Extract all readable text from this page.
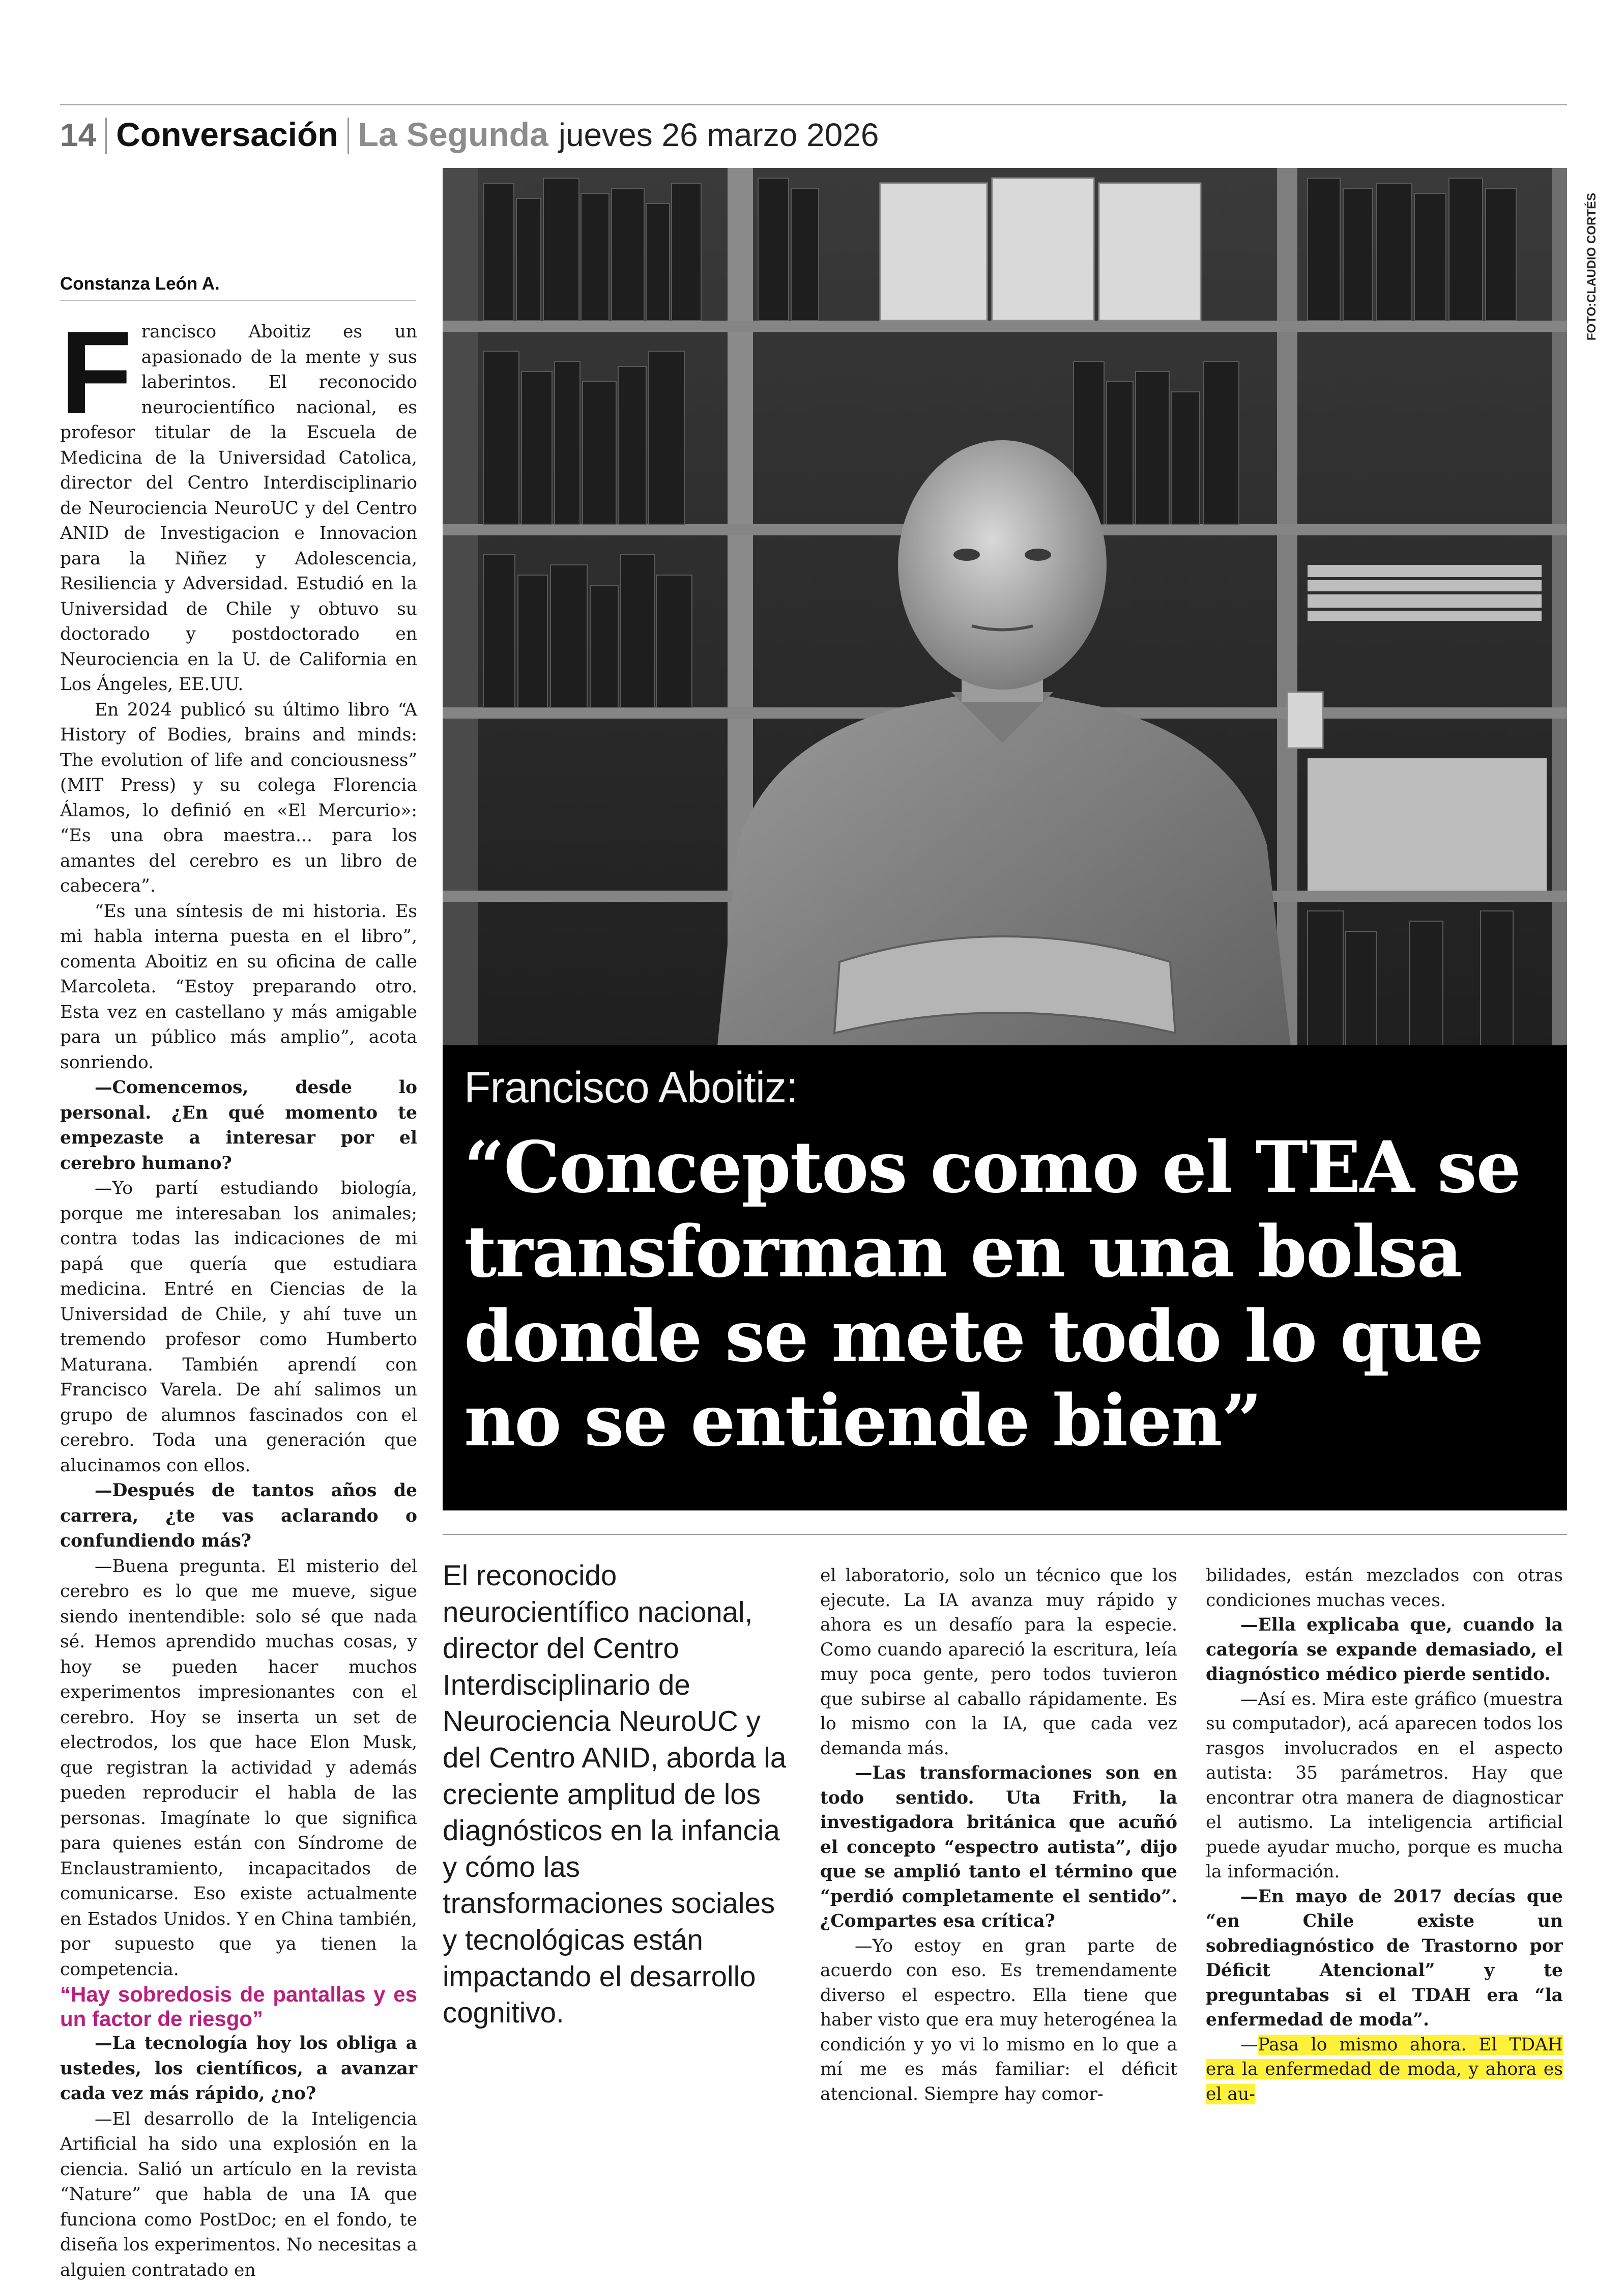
14 Conversación La Segunda jueves 26 marzo 2026
Constanza León A.

Francisco Aboitiz es un apasionado de la mente y sus laberintos. El reconocido neurocientífico nacional, es profesor titular de la Escuela de Medicina de la Universidad Catolica, director del Centro Interdisciplinario de Neurociencia NeuroUC y del Centro ANID de Investigacion e Innovacion para la Niñez y Adolescencia, Resiliencia y Adversidad. Estudió en la Universidad de Chile y obtuvo su doctorado y postdoctorado en Neurociencia en la U. de California en Los Ángeles, EE.UU.

En 2024 publicó su último libro “A History of Bodies, brains and minds: The evolution of life and conciousness” (MIT Press) y su colega Florencia Álamos, lo definió en «El Mercurio»: “Es una obra maestra... para los amantes del cerebro es un libro de cabecera”.

“Es una síntesis de mi historia. Es mi habla interna puesta en el libro”, comenta Aboitiz en su oficina de calle Marcoleta. “Estoy preparando otro. Esta vez en castellano y más amigable para un público más amplio”, acota sonriendo.

—Comencemos, desde lo personal. ¿En qué momento te empezaste a interesar por el cerebro humano?

—Yo partí estudiando biología, porque me interesaban los animales; contra todas las indicaciones de mi papá que quería que estudiara medicina. Entré en Ciencias de la Universidad de Chile, y ahí tuve un tremendo profesor como Humberto Maturana. También aprendí con Francisco Varela. De ahí salimos un grupo de alumnos fascinados con el cerebro. Toda una generación que alucinamos con ellos.

—Después de tantos años de carrera, ¿te vas aclarando o confundiendo más?

—Buena pregunta. El misterio del cerebro es lo que me mueve, sigue siendo inentendible: solo sé que nada sé. Hemos aprendido muchas cosas, y hoy se pueden hacer muchos experimentos impresionantes con el cerebro. Hoy se inserta un set de electrodos, los que hace Elon Musk, que registran la actividad y además pueden reproducir el habla de las personas. Imagínate lo que significa para quienes están con Síndrome de Enclaustramiento, incapacitados de comunicarse. Eso existe actualmente en Estados Unidos. Y en China también, por supuesto que ya tienen la competencia.

“Hay sobredosis de pantallas y es un factor de riesgo”

—La tecnología hoy los obliga a ustedes, los científicos, a avanzar cada vez más rápido, ¿no?

—El desarrollo de la Inteligencia Artificial ha sido una explosión en la ciencia. Salió un artículo en la revista “Nature” que habla de una IA que funciona como PostDoc; en el fondo, te diseña los experimentos. No necesitas a alguien contratado en

FOTO:CLAUDIO CORTÉS
Francisco Aboitiz:
“Conceptos como el TEA se transforman en una bolsa donde se mete todo lo que no se entiende bien”
El reconocido neurocientífico nacional, director del Centro Interdisciplinario de Neurociencia NeuroUC y del Centro ANID, aborda la creciente amplitud de los diagnósticos en la infancia y cómo las transformaciones sociales y tecnológicas están impactando el desarrollo cognitivo.

el laboratorio, solo un técnico que los ejecute. La IA avanza muy rápido y ahora es un desafío para la especie. Como cuando apareció la escritura, leía muy poca gente, pero todos tuvieron que subirse al caballo rápidamente. Es lo mismo con la IA, que cada vez demanda más.

—Las transformaciones son en todo sentido. Uta Frith, la investigadora británica que acuñó el concepto “espectro autista”, dijo que se amplió tanto el término que “perdió completamente el sentido”. ¿Compartes esa crítica?

—Yo estoy en gran parte de acuerdo con eso. Es tremendamente diverso el espectro. Ella tiene que haber visto que era muy heterogénea la condición y yo vi lo mismo en lo que a mí me es más familiar: el déficit atencional. Siempre hay comor-

bilidades, están mezclados con otras condiciones muchas veces.

—Ella explicaba que, cuando la categoría se expande demasiado, el diagnóstico médico pierde sentido.

—Así es. Mira este gráfico (muestra su computador), acá aparecen todos los rasgos involucrados en el aspecto autista: 35 parámetros. Hay que encontrar otra manera de diagnosticar el autismo. La inteligencia artificial puede ayudar mucho, porque es mucha la información.

—En mayo de 2017 decías que “en Chile existe un sobrediagnóstico de Trastorno por Déficit Atencional” y te preguntabas si el TDAH era “la enfermedad de moda”.

—Pasa lo mismo ahora. El TDAH era la enfermedad de moda, y ahora es el au-
